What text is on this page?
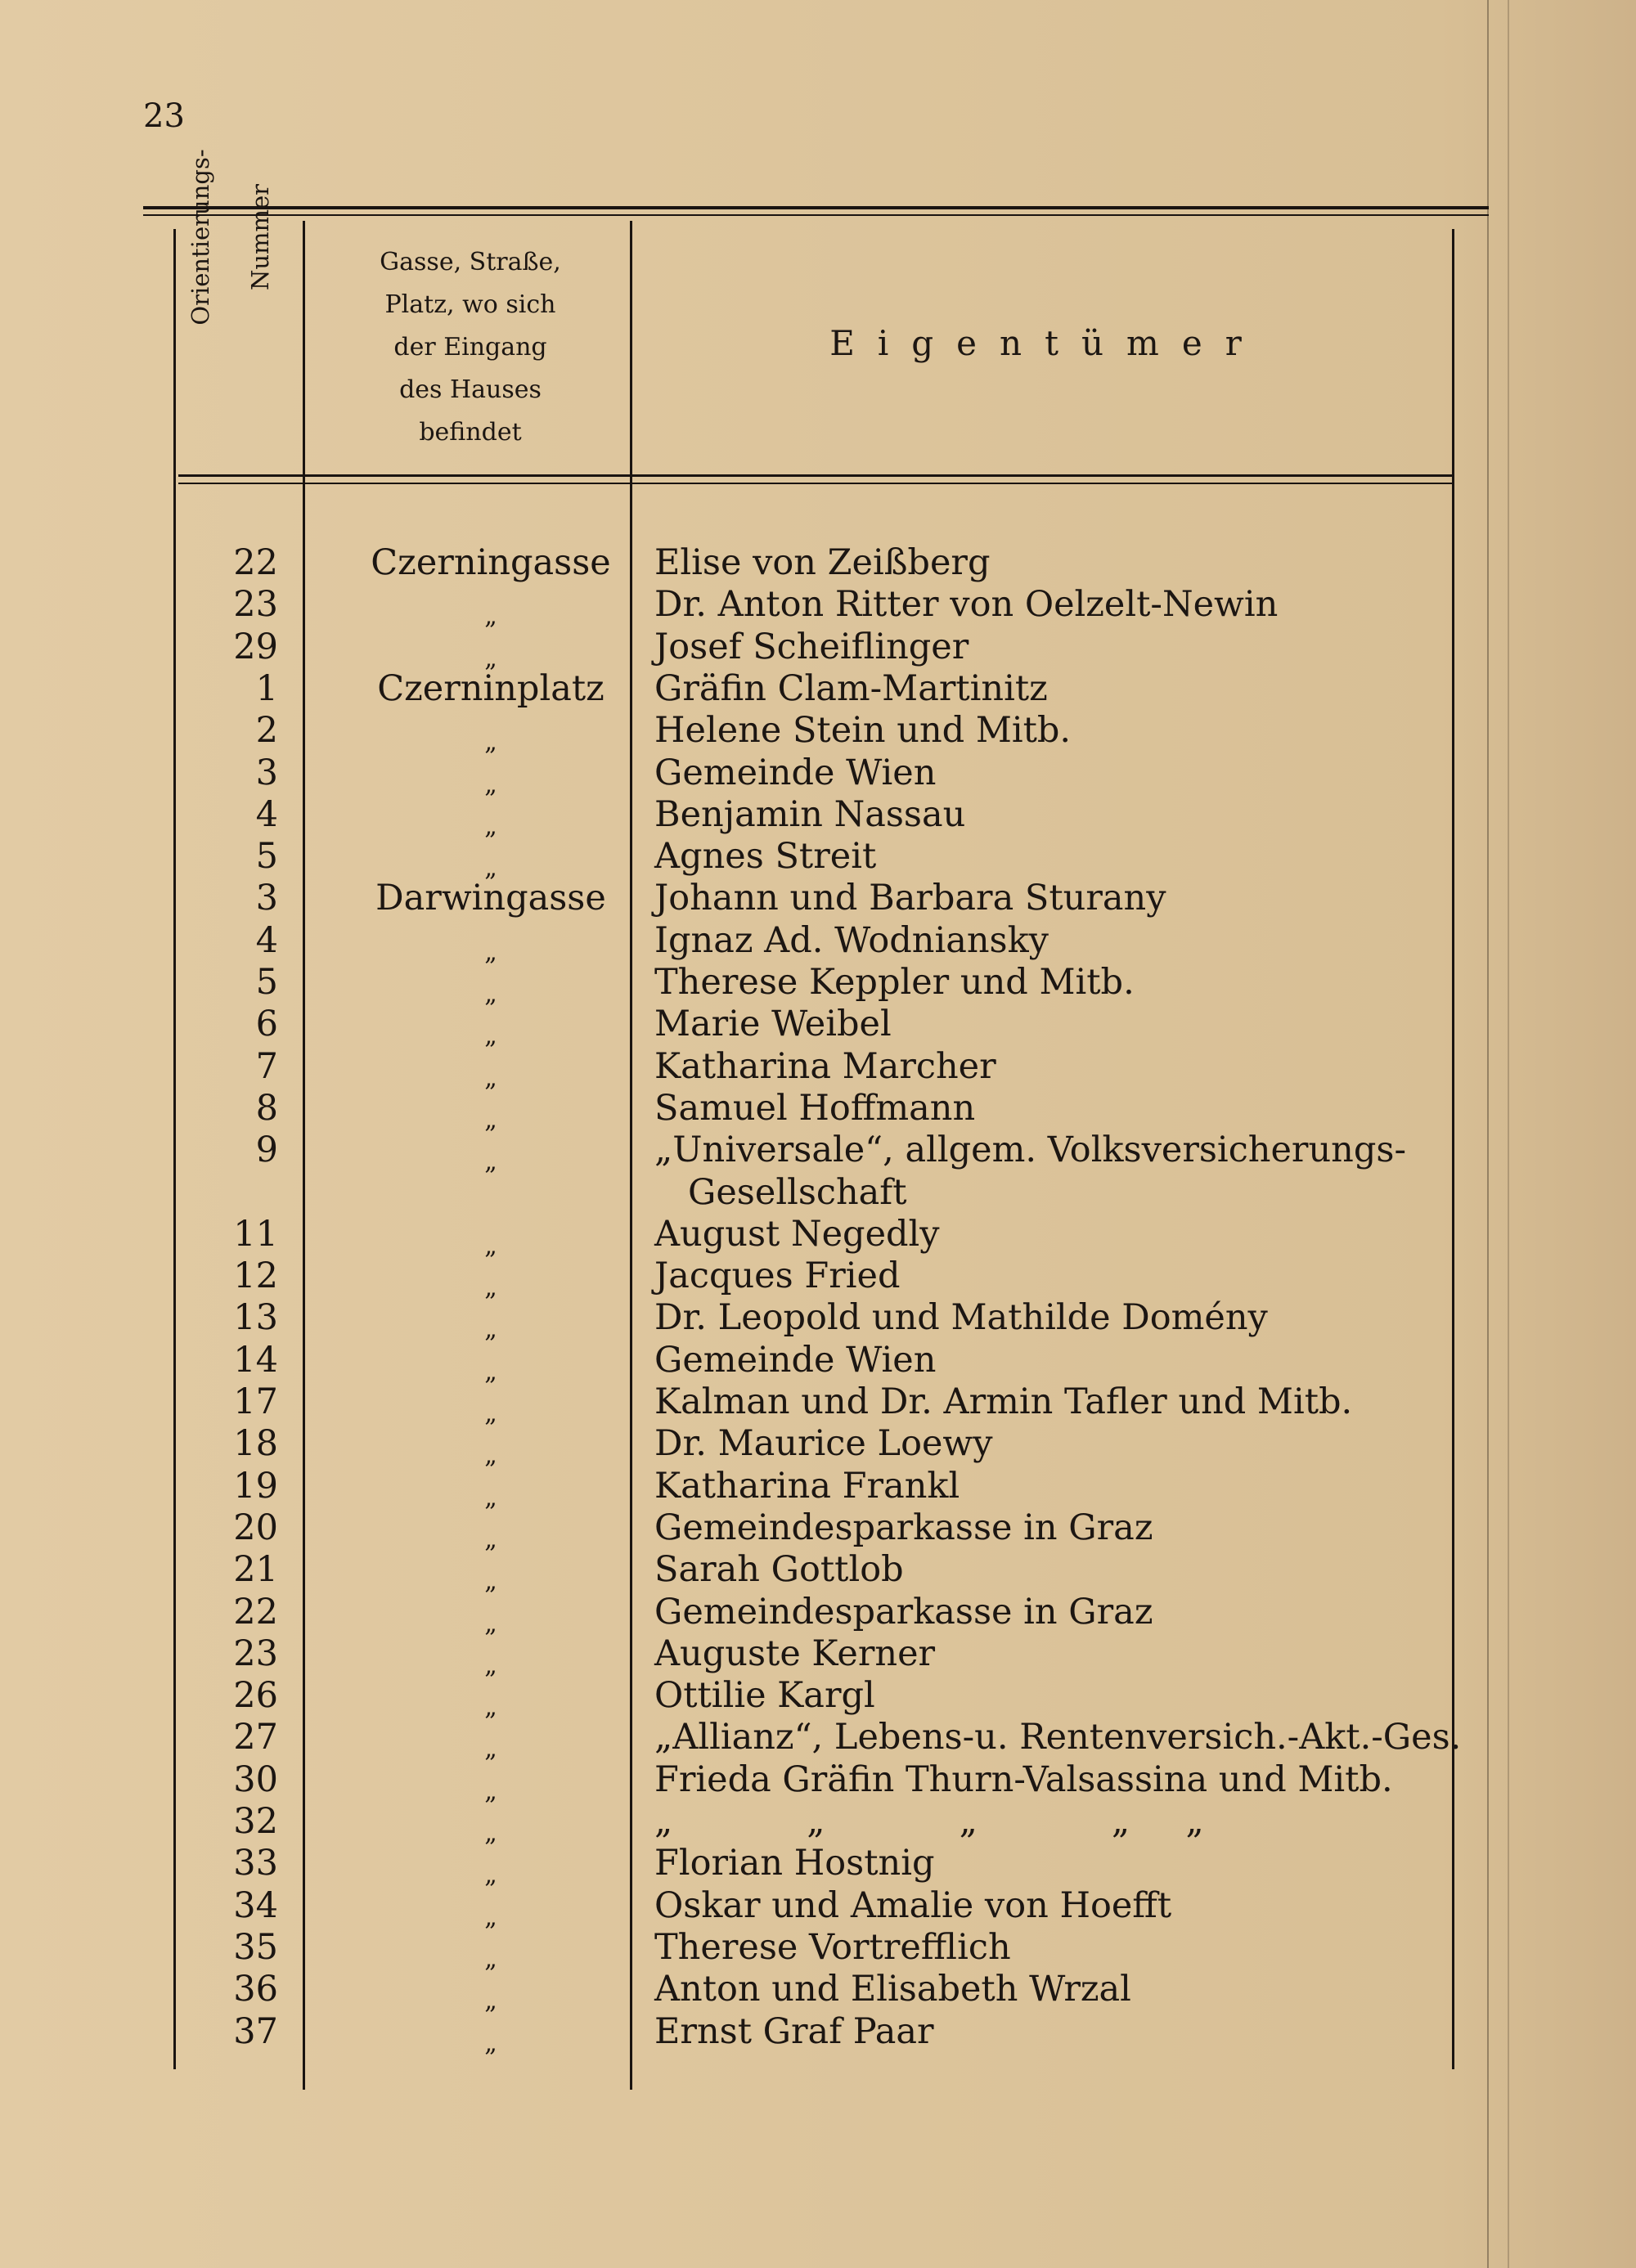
23
Orientierungs- Nummer	Gasse, Straße,
Platz, wo sich
der Eingang
des Hauses
befindet
Eigentümer
22	Czerningasse	Elise von Zeißberg
23	$_„$	Dr. Anton Ritter von Oelzelt-Newin
29	$_„$	Josef Scheiflinger
1	Czerninplatz	Gräfin Clam-Martinitz
2	$_„$	Helene Stein und Mitb.
3	$_„$	Gemeinde Wien
4	$_„$	Benjamin Nassau
5	$_„$	Agnes Streit
3	Darwingasse	Johann und Barbara Sturany
4	$_„$	Ignaz Ad. Wodniansky
5	$_„$	Therese Keppler und Mitb.
6	$_„$	Marie Weibel
7	$_„$	Katharina Marcher
8	$_„$	Samuel Hoffmann
9	$_„$	„Universale“, allgem. Volksversicherungs-
Gesellschaft
11	$_„$	August Negedly
12	$_„$	Jacques Fried
13	$_„$	Dr. Leopold und Mathilde Domény
14	$_„$	Gemeinde Wien
17	$_„$	Kalman und Dr. Armin Tafler und Mitb.
18	$_„$	Dr. Maurice Loewy
19	$_„$	Katharina Frankl
20	$_„$	Gemeindesparkasse in Graz
21	$_„$	Sarah Gottlob
22	$_„$	Gemeindesparkasse in Graz
23	$_„$	Auguste Kerner
26	$_„$	Ottilie Kargl
27	$_„$	„Allianz“, Lebens-u. Rentenversich.-Akt.-Ges.
30	$_„$	Frieda Gräfin Thurn-Valsassina und Mitb.
32	$_„$	„            „            „            „     „
33	$_„$	Florian Hostnig
34	$_„$	Oskar und Amalie von Hoefft
35	$_„$	Therese Vortrefflich
36	$_„$	Anton und Elisabeth Wrzal
37	$_„$	Ernst Graf Paar
